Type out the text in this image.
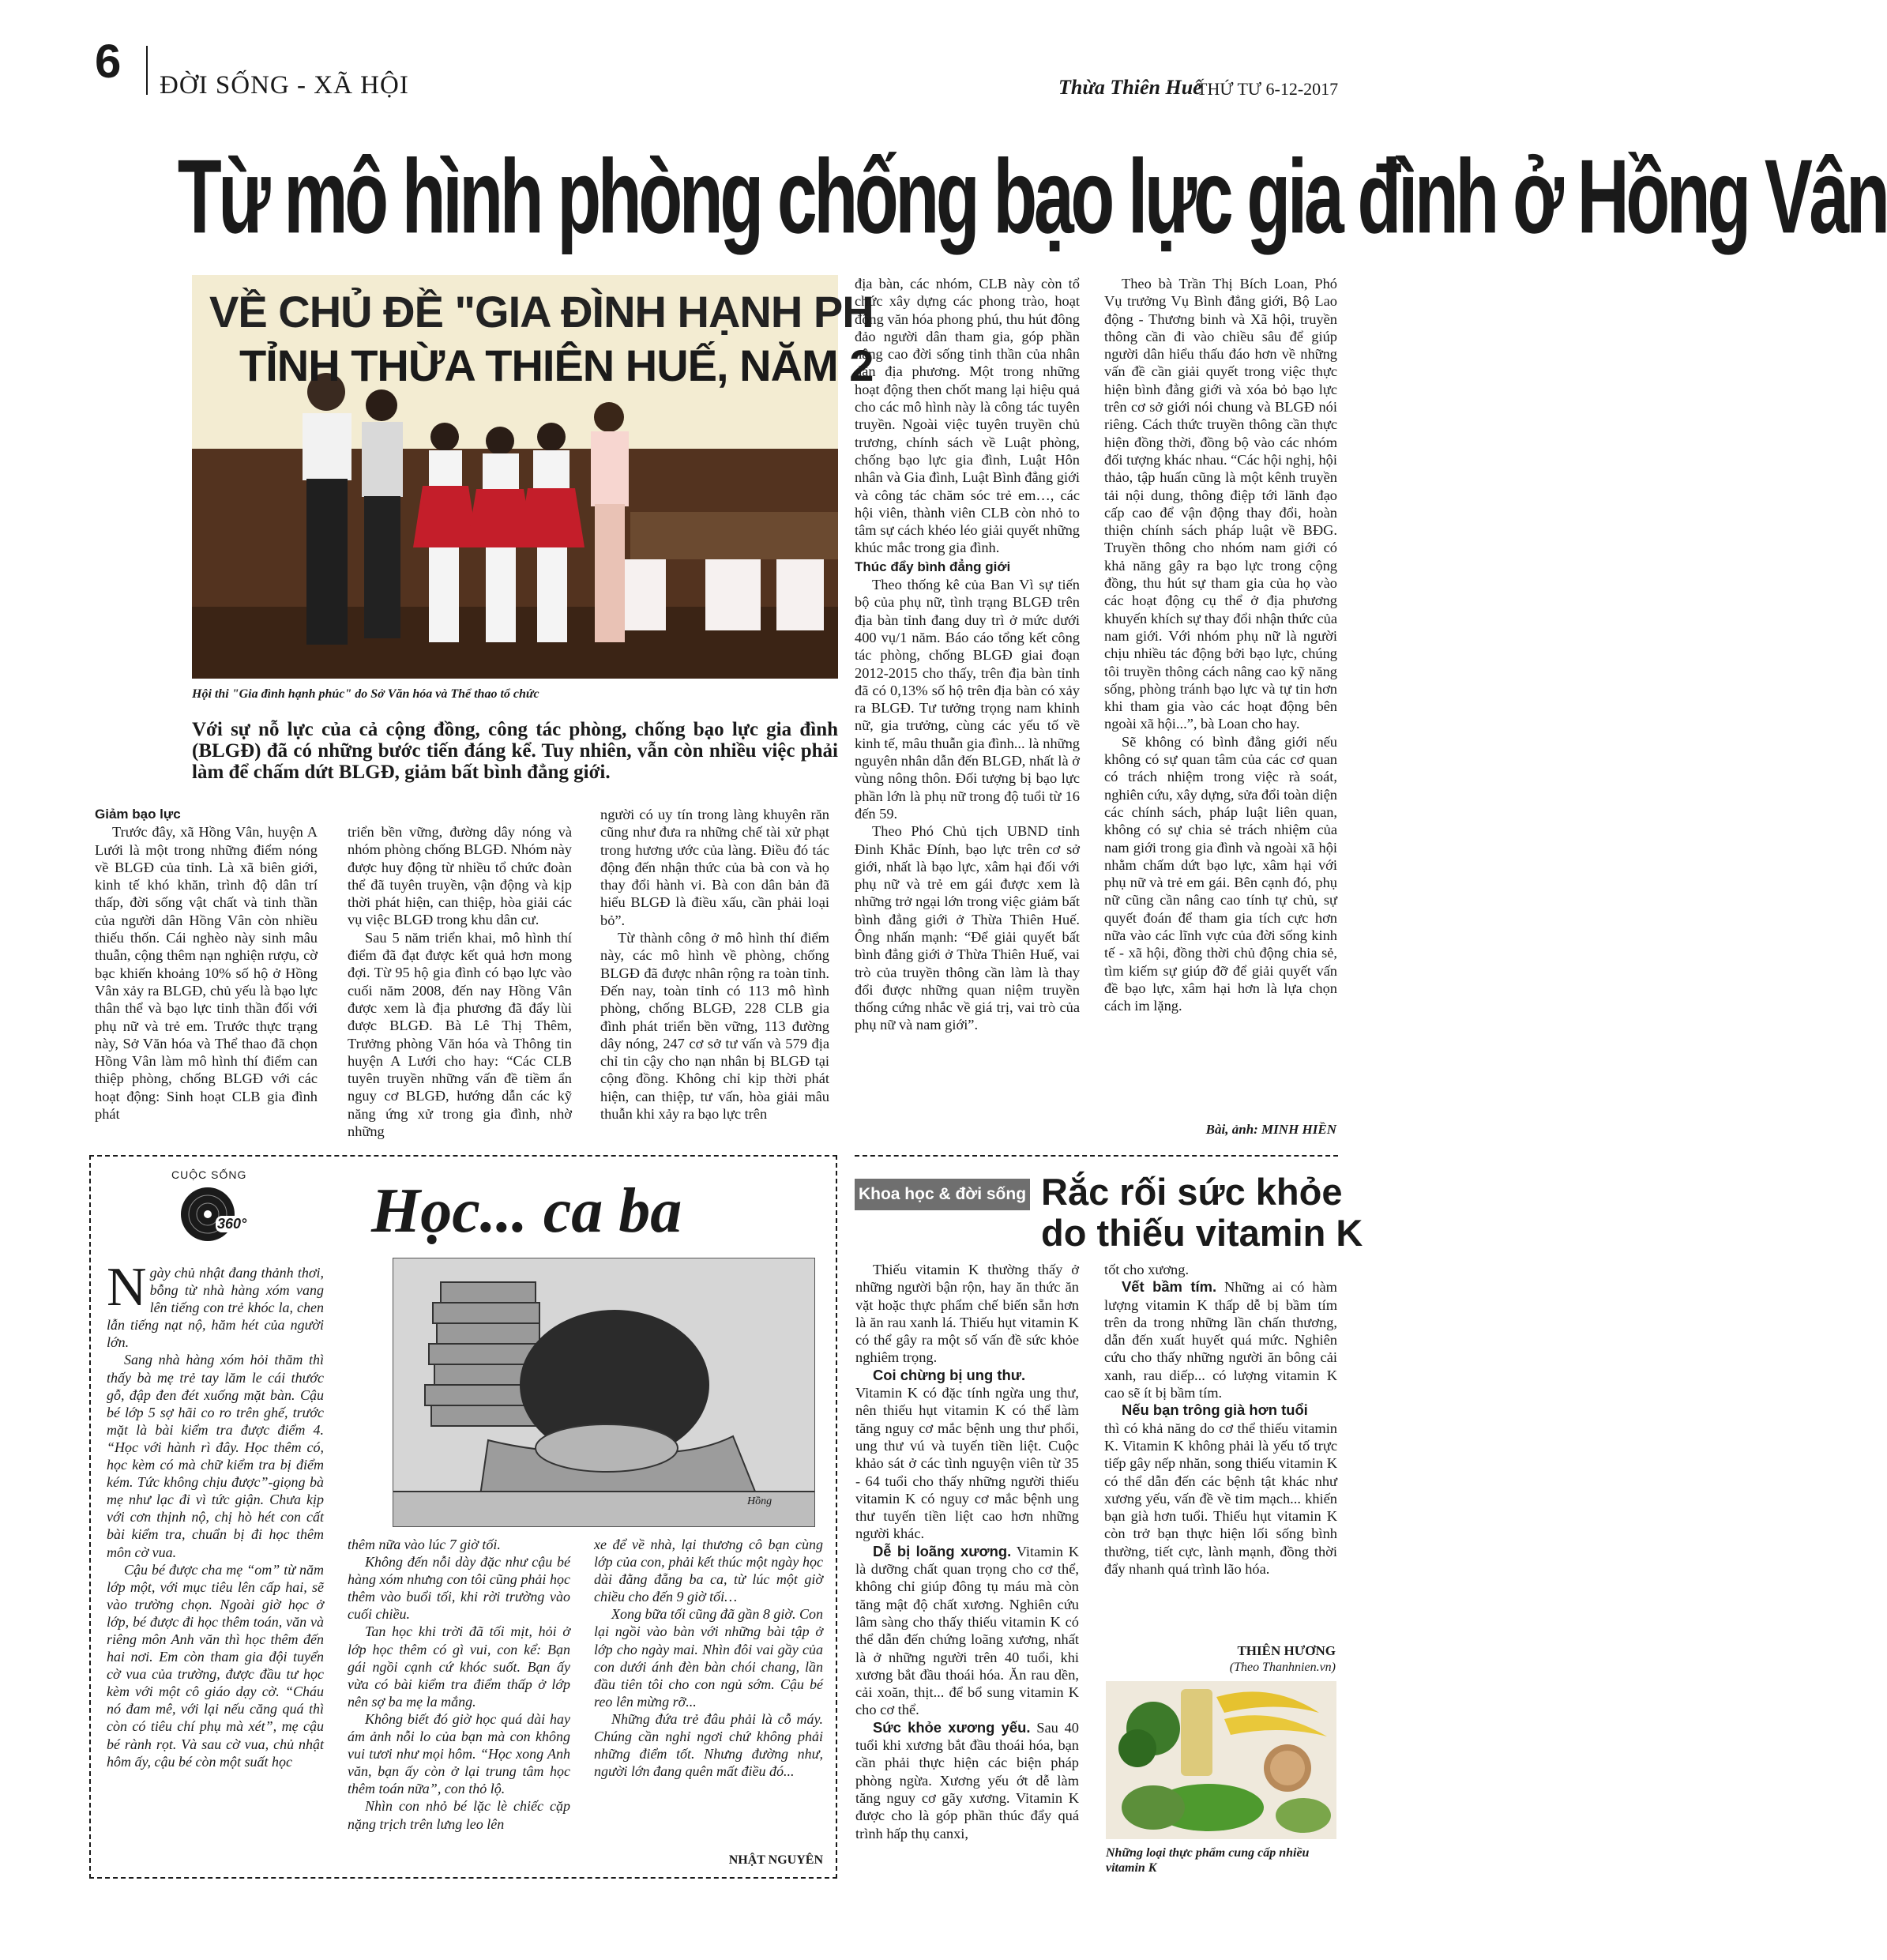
6 ĐỜI SỐNG - XÃ HỘI	Thừa Thiên Huế
THỨ TƯ 6-12-2017
Từ mô hình phòng chống bạo lực gia đình ở Hồng Vân
VỀ CHỦ ĐỀ "GIA ĐÌNH HẠNH PH
TỈNH THỪA THIÊN HUẾ, NĂM 2
Hội thi "Gia đình hạnh phúc" do Sở Văn hóa và Thể thao tổ chức
Với sự nỗ lực của cả cộng đồng, công tác phòng, chống bạo lực gia đình (BLGĐ) đã có những bước tiến đáng kể. Tuy nhiên, vẫn còn nhiều việc phải làm để chấm dứt BLGĐ, giảm bất bình đẳng giới.
Giảm bạo lực

Trước đây, xã Hồng Vân, huyện A Lưới là một trong những điểm nóng về BLGĐ của tỉnh. Là xã biên giới, kinh tế khó khăn, trình độ dân trí thấp, đời sống vật chất và tinh thần của người dân Hồng Vân còn nhiều thiếu thốn. Cái nghèo này sinh mâu thuẫn, cộng thêm nạn nghiện rượu, cờ bạc khiến khoảng 10% số hộ ở Hồng Vân xảy ra BLGĐ, chủ yếu là bạo lực thân thể và bạo lực tinh thần đối với phụ nữ và trẻ em. Trước thực trạng này, Sở Văn hóa và Thể thao đã chọn Hồng Vân làm mô hình thí điểm can thiệp phòng, chống BLGĐ với các hoạt động: Sinh hoạt CLB gia đình phát

triển bền vững, đường dây nóng và nhóm phòng chống BLGĐ. Nhóm này được huy động từ nhiều tổ chức đoàn thể đã tuyên truyền, vận động và kịp thời phát hiện, can thiệp, hòa giải các vụ việc BLGĐ trong khu dân cư.

Sau 5 năm triển khai, mô hình thí điểm đã đạt được kết quả hơn mong đợi. Từ 95 hộ gia đình có bạo lực vào cuối năm 2008, đến nay Hồng Vân được xem là địa phương đã đẩy lùi được BLGĐ. Bà Lê Thị Thêm, Trưởng phòng Văn hóa và Thông tin huyện A Lưới cho hay: “Các CLB tuyên truyền những vấn đề tiềm ẩn nguy cơ BLGĐ, hướng dẫn các kỹ năng ứng xử trong gia đình, nhờ những

người có uy tín trong làng khuyên răn cũng như đưa ra những chế tài xử phạt trong hương ước của làng. Điều đó tác động đến nhận thức của bà con và họ thay đổi hành vi. Bà con dân bản đã hiểu BLGĐ là điều xấu, cần phải loại bỏ”.

Từ thành công ở mô hình thí điểm này, các mô hình về phòng, chống BLGĐ đã được nhân rộng ra toàn tỉnh. Đến nay, toàn tỉnh có 113 mô hình phòng, chống BLGĐ, 228 CLB gia đình phát triển bền vững, 113 đường dây nóng, 247 cơ sở tư vấn và 579 địa chỉ tin cậy cho nạn nhân bị BLGĐ tại cộng đồng. Không chỉ kịp thời phát hiện, can thiệp, tư vấn, hòa giải mâu thuẫn khi xảy ra bạo lực trên

địa bàn, các nhóm, CLB này còn tổ chức xây dựng các phong trào, hoạt động văn hóa phong phú, thu hút đông đảo người dân tham gia, góp phần nâng cao đời sống tinh thần của nhân dân địa phương. Một trong những hoạt động then chốt mang lại hiệu quả cho các mô hình này là công tác tuyên truyền. Ngoài việc tuyên truyền chủ trương, chính sách về Luật phòng, chống bạo lực gia đình, Luật Hôn nhân và Gia đình, Luật Bình đẳng giới và công tác chăm sóc trẻ em…, các hội viên, thành viên CLB còn nhỏ to tâm sự cách khéo léo giải quyết những khúc mắc trong gia đình.

Thúc đẩy bình đẳng giới

Theo thống kê của Ban Vì sự tiến bộ của phụ nữ, tình trạng BLGĐ trên địa bàn tỉnh đang duy trì ở mức dưới 400 vụ/1 năm. Báo cáo tổng kết công tác phòng, chống BLGĐ giai đoạn 2012-2015 cho thấy, trên địa bàn tỉnh đã có 0,13% số hộ trên địa bàn có xảy ra BLGĐ. Tư tưởng trọng nam khinh nữ, gia trưởng, cùng các yếu tố về kinh tế, mâu thuẫn gia đình... là những nguyên nhân dẫn đến BLGĐ, nhất là ở vùng nông thôn. Đối tượng bị bạo lực phần lớn là phụ nữ trong độ tuổi từ 16 đến 59.

Theo Phó Chủ tịch UBND tỉnh Đinh Khắc Đính, bạo lực trên cơ sở giới, nhất là bạo lực, xâm hại đối với phụ nữ và trẻ em gái được xem là những trở ngại lớn trong việc giảm bất bình đẳng giới ở Thừa Thiên Huế. Ông nhấn mạnh: “Để giải quyết bất bình đẳng giới ở Thừa Thiên Huế, vai trò của truyền thông cần làm là thay đổi được những quan niệm truyền thống cứng nhắc về giá trị, vai trò của phụ nữ và nam giới”.

Theo bà Trần Thị Bích Loan, Phó Vụ trưởng Vụ Bình đẳng giới, Bộ Lao động - Thương binh và Xã hội, truyền thông cần đi vào chiều sâu để giúp người dân hiểu thấu đáo hơn về những vấn đề cần giải quyết trong việc thực hiện bình đẳng giới và xóa bỏ bạo lực trên cơ sở giới nói chung và BLGĐ nói riêng. Cách thức truyền thông cần thực hiện đồng thời, đồng bộ vào các nhóm đối tượng khác nhau. “Các hội nghị, hội thảo, tập huấn cũng là một kênh truyền tải nội dung, thông điệp tới lãnh đạo cấp cao để vận động thay đổi, hoàn thiện chính sách pháp luật về BĐG. Truyền thông cho nhóm nam giới có khả năng gây ra bạo lực trong cộng đồng, thu hút sự tham gia của họ vào các hoạt động cụ thể ở địa phương khuyến khích sự thay đổi nhận thức của nam giới. Với nhóm phụ nữ là người chịu nhiều tác động bởi bạo lực, chúng tôi truyền thông cách nâng cao kỹ năng sống, phòng tránh bạo lực và tự tin hơn khi tham gia vào các hoạt động bên ngoài xã hội...”, bà Loan cho hay.

Sẽ không có bình đẳng giới nếu không có sự quan tâm của các cơ quan có trách nhiệm trong việc rà soát, nghiên cứu, xây dựng, sửa đổi toàn diện các chính sách, pháp luật liên quan, không có sự chia sẻ trách nhiệm của nam giới trong gia đình và ngoài xã hội nhằm chấm dứt bạo lực, xâm hại với phụ nữ và trẻ em gái. Bên cạnh đó, phụ nữ cũng cần nâng cao tính tự chủ, sự quyết đoán để tham gia tích cực hơn nữa vào các lĩnh vực của đời sống kinh tế - xã hội, đồng thời chủ động chia sẻ, tìm kiếm sự giúp đỡ để giải quyết vấn đề bạo lực, xâm hại hơn là lựa chọn cách im lặng.

Bài, ảnh: MINH HIỀN
CUỘC SỐNG
360° Học... ca ba
Hồng

Ngày chủ nhật đang thảnh thơi, bỗng từ nhà hàng xóm vang lên tiếng con trẻ khóc la, chen lẫn tiếng nạt nộ, hăm hét của người lớn.

Sang nhà hàng xóm hỏi thăm thì thấy bà mẹ trẻ tay lăm le cái thước gỗ, đập đen đét xuống mặt bàn. Cậu bé lớp 5 sợ hãi co ro trên ghế, trước mặt là bài kiểm tra được điểm 4. “Học với hành rì đây. Học thêm có, học kèm có mà chữ kiểm tra bị điểm kém. Tức không chịu được”-giọng bà mẹ như lạc đi vì tức giận. Chưa kịp với cơn thịnh nộ, chị hò hét con cất bài kiểm tra, chuẩn bị đi học thêm môn cờ vua.

Cậu bé được cha mẹ “om” từ năm lớp một, với mục tiêu lên cấp hai, sẽ vào trường chọn. Ngoài giờ học ở lớp, bé được đi học thêm toán, văn và riêng môn Anh văn thì học thêm đến hai nơi. Em còn tham gia đội tuyển cờ vua của trường, được đầu tư học kèm với một cô giáo dạy cờ. “Cháu nó đam mê, với lại nếu căng quá thì còn có tiêu chí phụ mà xét”, mẹ cậu bé rành rọt. Và sau cờ vua, chủ nhật hôm ấy, cậu bé còn một suất học

thêm nữa vào lúc 7 giờ tối.

Không đến nỗi dày đặc như cậu bé hàng xóm nhưng con tôi cũng phải học thêm vào buổi tối, khi rời trường vào cuối chiều.

Tan học khi trời đã tối mịt, hỏi ở lớp học thêm có gì vui, con kể: Bạn gái ngồi cạnh cứ khóc suốt. Bạn ấy vừa có bài kiểm tra điểm thấp ở lớp nên sợ ba mẹ la mắng.

Không biết đó giờ học quá dài hay ám ảnh nỗi lo của bạn mà con không vui tươi như mọi hôm. “Học xong Anh văn, bạn ấy còn ở lại trung tâm học thêm toán nữa”, con thỏ lộ.

Nhìn con nhỏ bé lặc lè chiếc cặp nặng trịch trên lưng leo lên

xe để về nhà, lại thương cô bạn cùng lớp của con, phải kết thúc một ngày học dài đằng đẵng ba ca, từ lúc một giờ chiều cho đến 9 giờ tối…

Xong bữa tối cũng đã gần 8 giờ. Con lại ngồi vào bàn với những bài tập ở lớp cho ngày mai. Nhìn đôi vai gầy của con dưới ánh đèn bàn chói chang, lần đầu tiên tôi cho con ngủ sớm. Cậu bé reo lên mừng rỡ...

Những đứa trẻ đâu phải là cỗ máy. Chúng cần nghỉ ngơi chứ không phải những điểm tốt. Nhưng đường như, người lớn đang quên mất điều đó...

NHẬT NGUYÊN
Khoa học & đời sống Rắc rối sức khỏe
do thiếu vitamin K

Thiếu vitamin K thường thấy ở những người bận rộn, hay ăn thức ăn vặt hoặc thực phẩm chế biến sẵn hơn là ăn rau xanh lá. Thiếu hụt vitamin K có thể gây ra một số vấn đề sức khỏe nghiêm trọng.

Coi chừng bị ung thư.

Vitamin K có đặc tính ngừa ung thư, nên thiếu hụt vitamin K có thể làm tăng nguy cơ mắc bệnh ung thư phổi, ung thư vú và tuyến tiền liệt. Cuộc khảo sát ở các tình nguyện viên từ 35 - 64 tuổi cho thấy những người thiếu vitamin K có nguy cơ mắc bệnh ung thư tuyến tiền liệt cao hơn những người khác.

Dễ bị loãng xương. Vitamin K là dưỡng chất quan trọng cho cơ thể, không chỉ giúp đông tụ máu mà còn tăng mật độ chất xương. Nghiên cứu lâm sàng cho thấy thiếu vitamin K có thể dẫn đến chứng loãng xương, nhất là ở những người trên 40 tuổi, khi xương bắt đầu thoái hóa. Ăn rau dền, cải xoăn, thịt... để bổ sung vitamin K cho cơ thể.

Sức khỏe xương yếu. Sau 40 tuổi khi xương bắt đầu thoái hóa, bạn cần phải thực hiện các biện pháp phòng ngừa. Xương yếu ớt dễ làm tăng nguy cơ gãy xương. Vitamin K được cho là góp phần thúc đẩy quá trình hấp thụ canxi,

tốt cho xương.

Vết bầm tím. Những ai có hàm lượng vitamin K thấp dễ bị bầm tím trên da trong những lần chấn thương, dẫn đến xuất huyết quá mức. Nghiên cứu cho thấy những người ăn bông cải xanh, rau diếp... có lượng vitamin K cao sẽ ít bị bầm tím.

Nếu bạn trông già hơn tuổi

thì có khả năng do cơ thể thiếu vitamin K. Vitamin K không phải là yếu tố trực tiếp gây nếp nhăn, song thiếu vitamin K có thể dẫn đến các bệnh tật khác như xương yếu, vấn đề về tim mạch... khiến bạn già hơn tuổi. Thiếu hụt vitamin K còn trở bạn thực hiện lối sống bình thường, tiết cực, lành mạnh, đồng thời đẩy nhanh quá trình lão hóa.

THIÊN HƯƠNG
(Theo Thanhnien.vn)
Những loại thực phẩm cung cấp nhiều vitamin K
